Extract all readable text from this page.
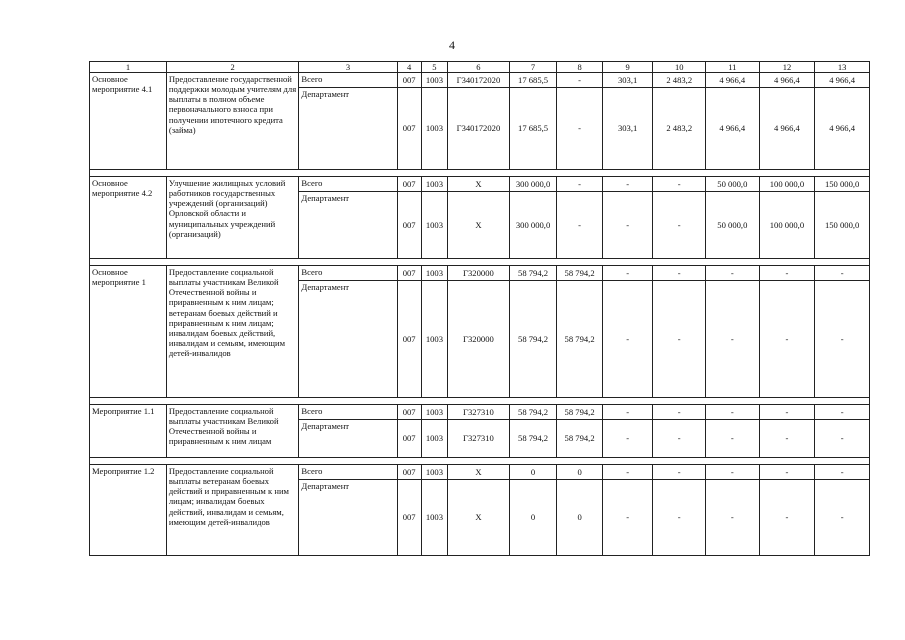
4
1	2	3	4	5	6	7	8	9	10	11	12	13
Основное мероприятие 4.1	Предоставление государственной поддержки молодым учителям для выплаты в полном объеме первоначального взноса при получении ипотечного кредита (займа)	Всего	007	1003	Г340172020	17 685,5	-	303,1	2 483,2	4 966,4	4 966,4	4 966,4
		Департамент	007	1003	Г340172020	17 685,5	-	303,1	2 483,2	4 966,4	4 966,4	4 966,4

Основное мероприятие 4.2	Улучшение жилищных условий работников государственных учреждений (организаций) Орловской области и муниципальных учреждений (организаций)	Всего	007	1003	Х	300 000,0	-	-	-	50 000,0	100 000,0	150 000,0
		Департамент	007	1003	Х	300 000,0	-	-	-	50 000,0	100 000,0	150 000,0

Основное мероприятие 1	Предоставление социальной выплаты участникам Великой Отечественной войны и приравненным к ним лицам; ветеранам боевых действий и приравненным к ним лицам; инвалидам боевых действий, инвалидам и семьям, имеющим детей-инвалидов	Всего	007	1003	Г320000	58 794,2	58 794,2	-	-	-	-	-
		Департамент	007	1003	Г320000	58 794,2	58 794,2	-	-	-	-	-

Мероприятие 1.1	Предоставление социальной выплаты участникам Великой Отечественной войны и приравненным к ним лицам	Всего	007	1003	Г327310	58 794,2	58 794,2	-	-	-	-	-
		Департамент	007	1003	Г327310	58 794,2	58 794,2	-	-	-	-	-

Мероприятие 1.2	Предоставление социальной выплаты ветеранам боевых действий и приравненным к ним лицам; инвалидам боевых действий, инвалидам и семьям, имеющим детей-инвалидов	Всего	007	1003	Х	0	0	-	-	-	-	-
		Департамент	007	1003	Х	0	0	-	-	-	-	-
